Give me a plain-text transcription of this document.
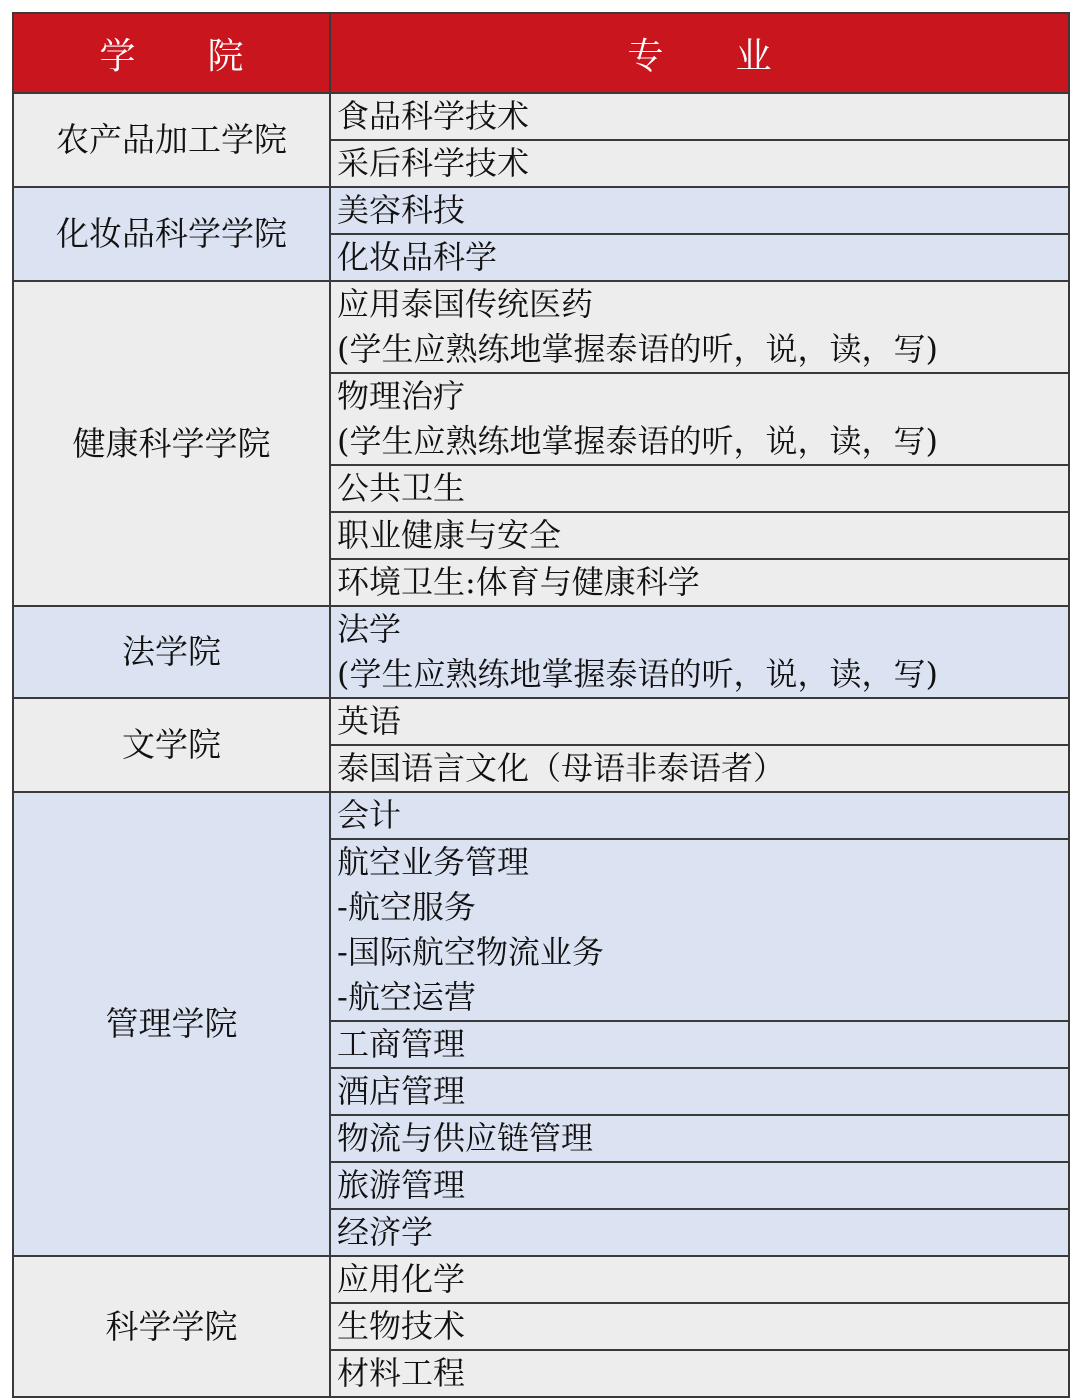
学　　院	专　　业
农产品加工学院	食品科学技术

	采后科学技术

化妆品科学学院	美容科技

	化妆品科学

健康科学学院	应用泰国传统医药
(学生应熟练地掌握泰语的听，说，读，写)

	物理治疗
(学生应熟练地掌握泰语的听，说，读，写)

	公共卫生

	职业健康与安全

	环境卫生:体育与健康科学

法学院	法学
(学生应熟练地掌握泰语的听，说，读，写)

文学院	英语

	泰国语言文化（母语非泰语者）

管理学院	会计

	航空业务管理
-航空服务
-国际航空物流业务
-航空运营

	工商管理

	酒店管理

	物流与供应链管理

	旅游管理

	经济学

科学学院	应用化学

	生物技术

	材料工程
